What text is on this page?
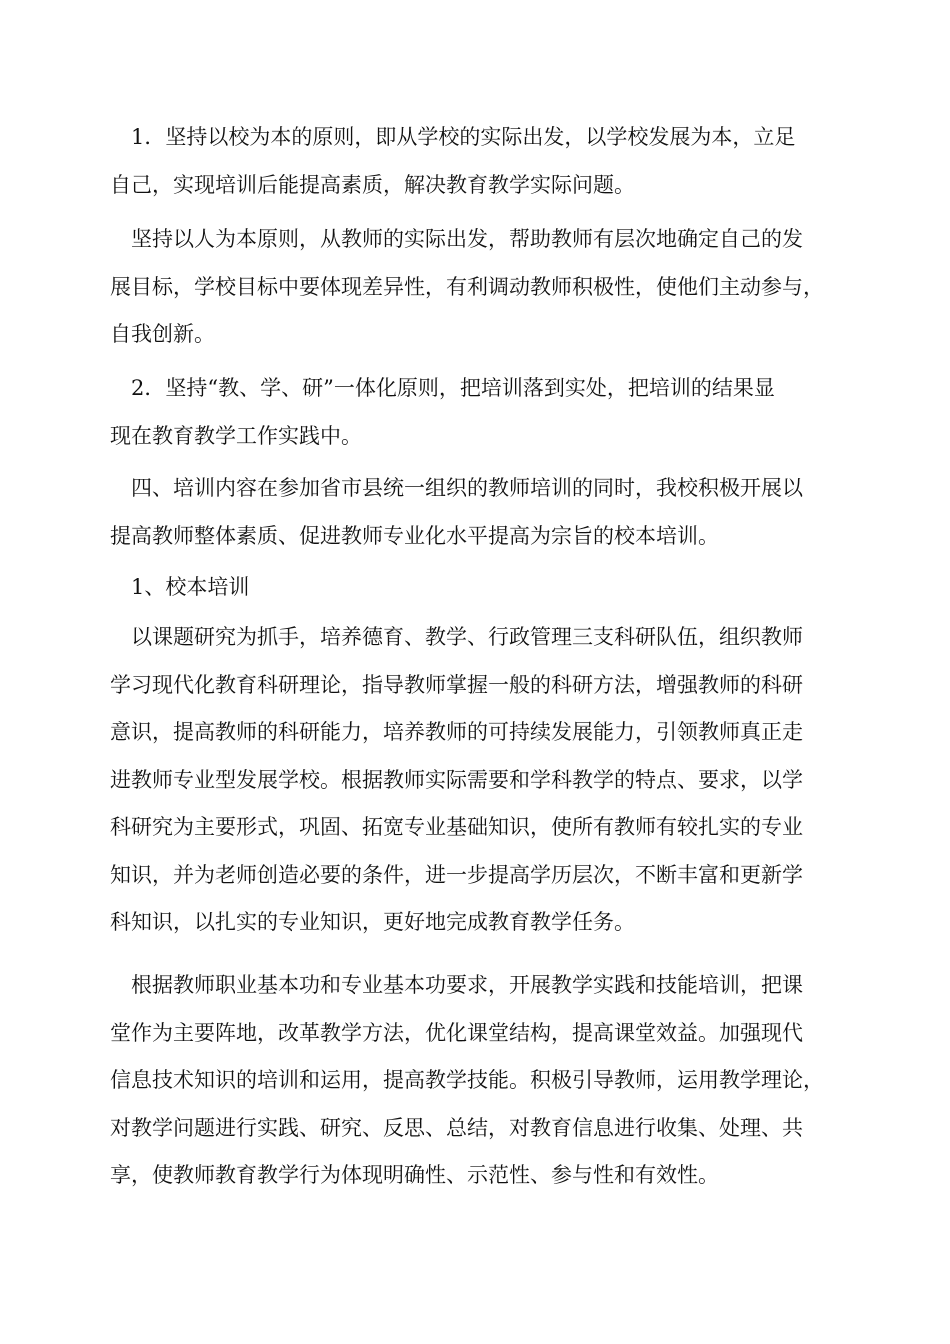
1．坚持以校为本的原则，即从学校的实际出发，以学校发展为本，立足
自己，实现培训后能提高素质，解决教育教学实际问题。

坚持以人为本原则，从教师的实际出发，帮助教师有层次地确定自己的发
展目标，学校目标中要体现差异性，有利调动教师积极性，使他们主动参与，
自我创新。

2．坚持“教、学、研”一体化原则，把培训落到实处，把培训的结果显
现在教育教学工作实践中。

四、培训内容在参加省市县统一组织的教师培训的同时，我校积极开展以
提高教师整体素质、促进教师专业化水平提高为宗旨的校本培训。

1、校本培训

以课题研究为抓手，培养德育、教学、行政管理三支科研队伍，组织教师
学习现代化教育科研理论，指导教师掌握一般的科研方法，增强教师的科研
意识，提高教师的科研能力，培养教师的可持续发展能力，引领教师真正走
进教师专业型发展学校。根据教师实际需要和学科教学的特点、要求，以学
科研究为主要形式，巩固、拓宽专业基础知识，使所有教师有较扎实的专业
知识，并为老师创造必要的条件，进一步提高学历层次，不断丰富和更新学
科知识，以扎实的专业知识，更好地完成教育教学任务。

根据教师职业基本功和专业基本功要求，开展教学实践和技能培训，把课
堂作为主要阵地，改革教学方法，优化课堂结构，提高课堂效益。加强现代
信息技术知识的培训和运用，提高教学技能。积极引导教师，运用教学理论，
对教学问题进行实践、研究、反思、总结，对教育信息进行收集、处理、共
享，使教师教育教学行为体现明确性、示范性、参与性和有效性。
